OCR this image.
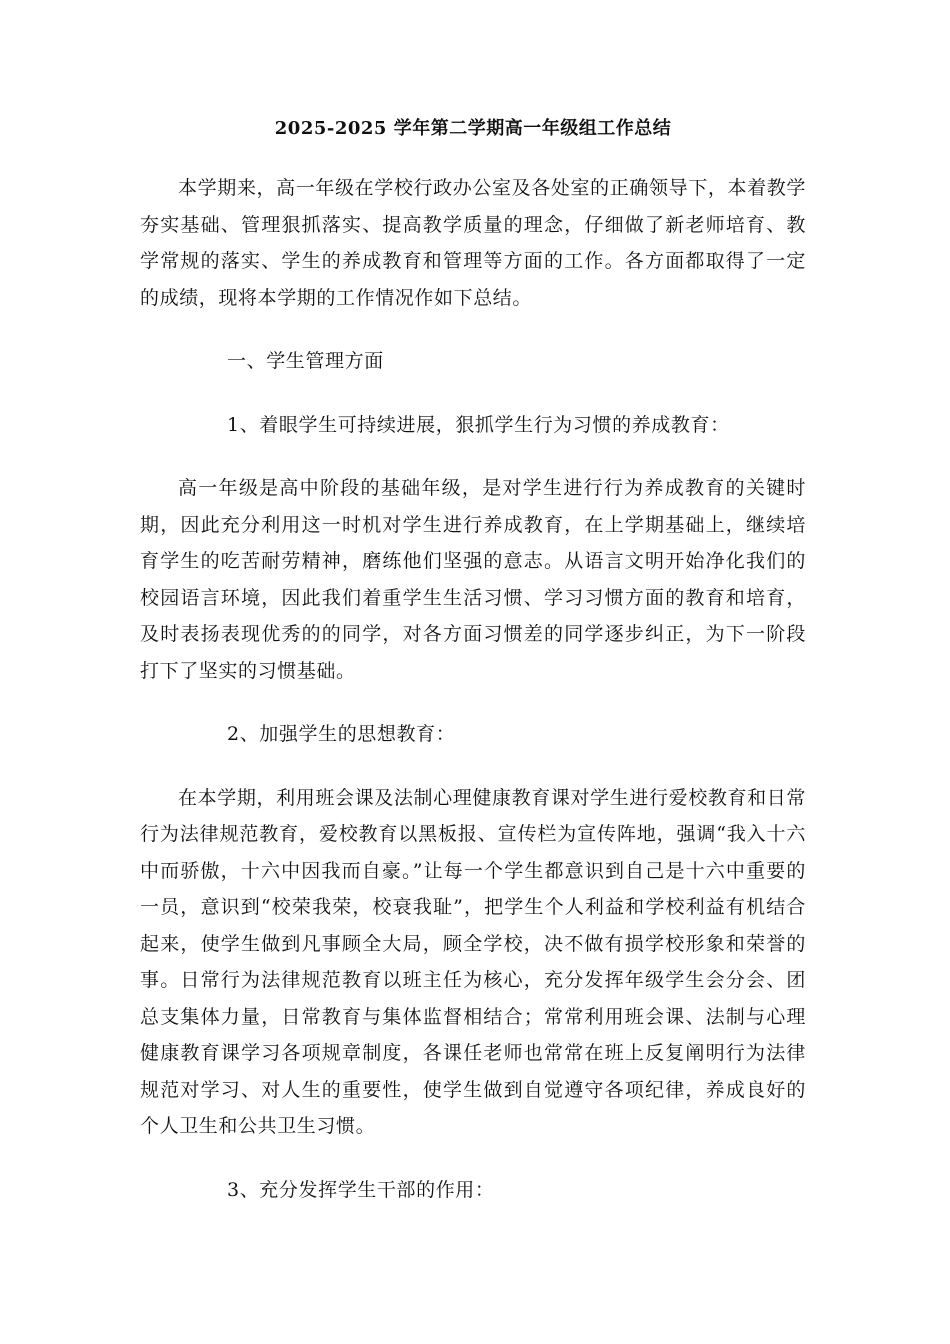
2025-2025 学年第二学期高一年级组工作总结

本学期来，高一年级在学校行政办公室及各处室的正确领导下，本着教学夯实基础、管理狠抓落实、提高教学质量的理念，仔细做了新老师培育、教学常规的落实、学生的养成教育和管理等方面的工作。各方面都取得了一定的成绩，现将本学期的工作情况作如下总结。

一、学生管理方面

1、着眼学生可持续进展，狠抓学生行为习惯的养成教育：

高一年级是高中阶段的基础年级，是对学生进行行为养成教育的关键时期，因此充分利用这一时机对学生进行养成教育，在上学期基础上，继续培育学生的吃苦耐劳精神，磨练他们坚强的意志。从语言文明开始净化我们的校园语言环境，因此我们着重学生生活习惯、学习习惯方面的教育和培育，及时表扬表现优秀的的同学，对各方面习惯差的同学逐步纠正，为下一阶段打下了坚实的习惯基础。

2、加强学生的思想教育：

在本学期，利用班会课及法制心理健康教育课对学生进行爱校教育和日常行为法律规范教育，爱校教育以黑板报、宣传栏为宣传阵地，强调“我入十六中而骄傲，十六中因我而自豪。”让每一个学生都意识到自己是十六中重要的一员，意识到“校荣我荣，校衰我耻”，把学生个人利益和学校利益有机结合起来，使学生做到凡事顾全大局，顾全学校，决不做有损学校形象和荣誉的事。日常行为法律规范教育以班主任为核心，充分发挥年级学生会分会、团总支集体力量，日常教育与集体监督相结合；常常利用班会课、法制与心理健康教育课学习各项规章制度，各课任老师也常常在班上反复阐明行为法律规范对学习、对人生的重要性，使学生做到自觉遵守各项纪律，养成良好的个人卫生和公共卫生习惯。

3、充分发挥学生干部的作用：
